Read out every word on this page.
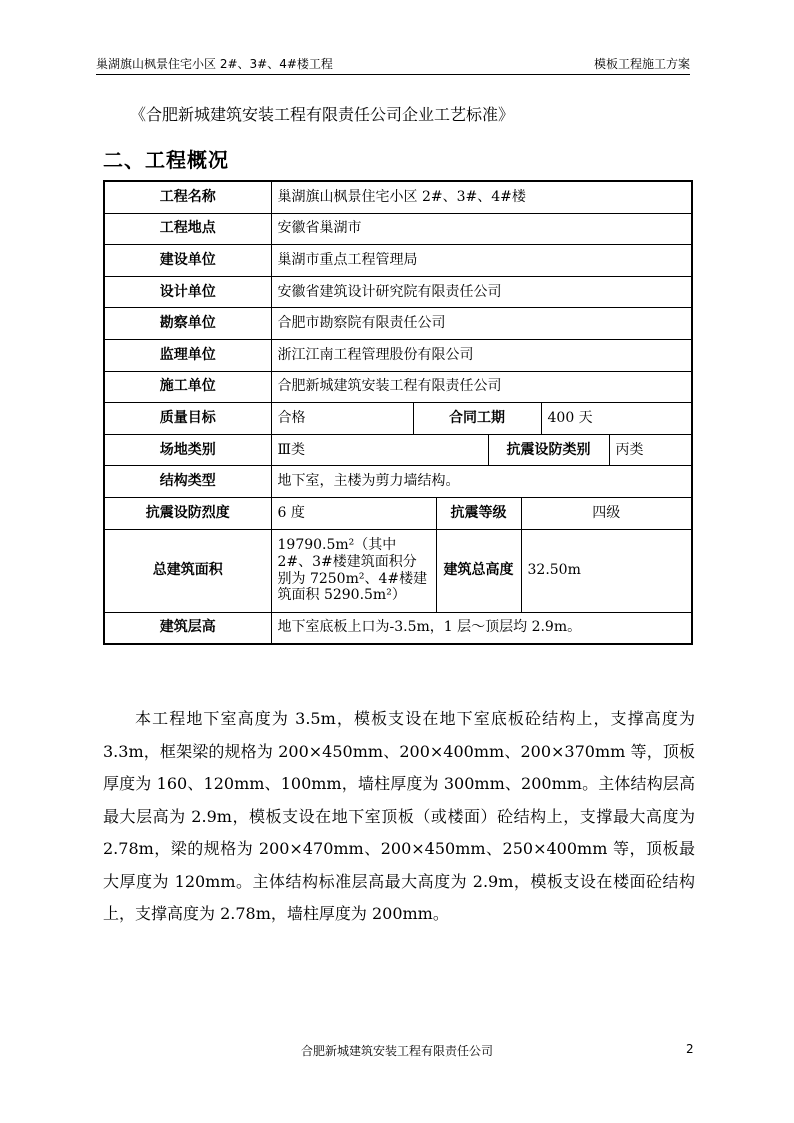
巢湖旗山枫景住宅小区 2#、3#、4#楼工程	模板工程施工方案
《合肥新城建筑安装工程有限责任公司企业工艺标准》
二、工程概况
工程名称	巢湖旗山枫景住宅小区 2#、3#、4#楼						
工程地点	安徽省巢湖市						
建设单位	巢湖市重点工程管理局						
设计单位	安徽省建筑设计研究院有限责任公司						
勘察单位	合肥市勘察院有限责任公司						
监理单位	浙江江南工程管理股份有限公司						
施工单位	合肥新城建筑安装工程有限责任公司						
质量目标	合格	合同工期				400 天	
场地类别	Ⅲ类			抗震设防类别			丙类
结构类型	地下室，主楼为剪力墙结构。						
抗震设防烈度	6 度		抗震等级		四级		
总建筑面积	19790.5m²（其中 2#、3#楼建筑面积分别为 7250m²、4#楼建筑面积 5290.5m²）		建筑总高度		32.50m		
建筑层高	地下室底板上口为-3.5m，1 层～顶层均 2.9m。						
本工程地下室高度为 3.5m，模板支设在地下室底板砼结构上，支撑高度为 3.3m，框架梁的规格为 200×450mm、200×400mm、200×370mm 等，顶板厚度为 160、120mm、100mm，墙柱厚度为 300mm、200mm。主体结构层高最大层高为 2.9m，模板支设在地下室顶板（或楼面）砼结构上，支撑最大高度为 2.78m，梁的规格为 200×470mm、200×450mm、250×400mm 等，顶板最大厚度为 120mm。主体结构标准层高最大高度为 2.9m，模板支设在楼面砼结构上，支撑高度为 2.78m，墙柱厚度为 200mm。
合肥新城建筑安装工程有限责任公司	2
